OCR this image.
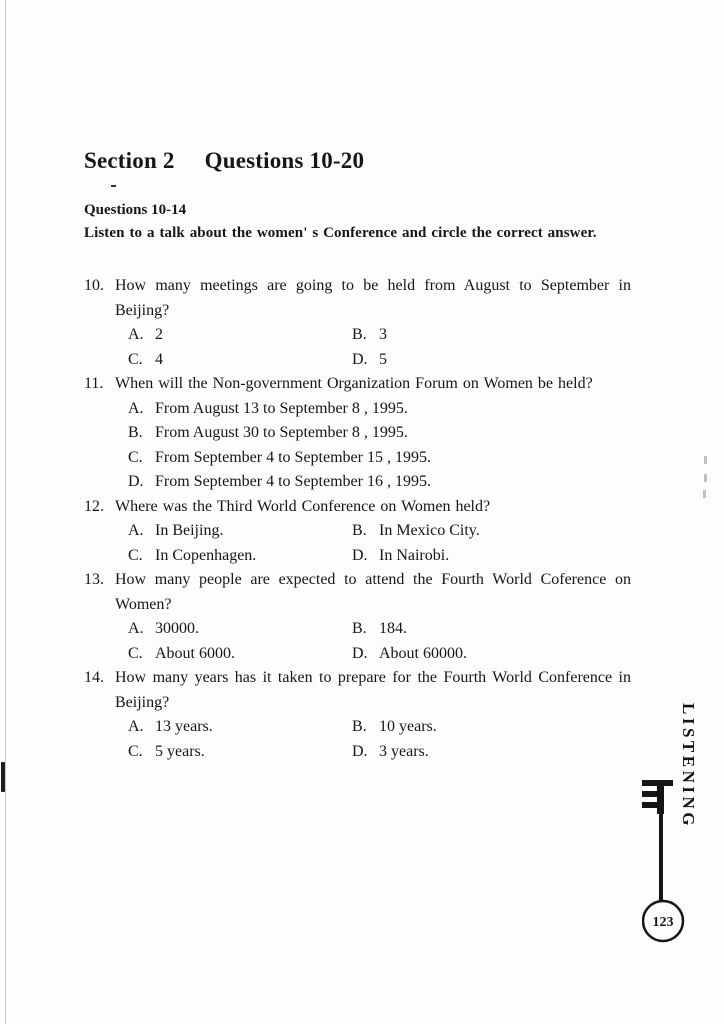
Section 2 Questions 10-20
Questions 10-14
Listen to a talk about the women' s Conference and circle the correct answer.
10. How many meetings are going to be held from August to September in Beijing?
A. 2	B. 3
C. 4	D. 5
11. When will the Non-government Organization Forum on Women be held?
A. From August 13 to September 8 , 1995.
B. From August 30 to September 8 , 1995.
C. From September 4 to September 15 , 1995.
D. From September 4 to September 16 , 1995.
12. Where was the Third World Conference on Women held?
A. In Beijing.	B. In Mexico City.
C. In Copenhagen.	D. In Nairobi.
13. How many people are expected to attend the Fourth World Coference on Women?
A. 30000.	B. 184.
C. About 6000.	D. About 60000.
14. How many years has it taken to prepare for the Fourth World Conference in Beijing?
A. 13 years.	B. 10 years.
C. 5 years.	D. 3 years.	LISTENING
123
